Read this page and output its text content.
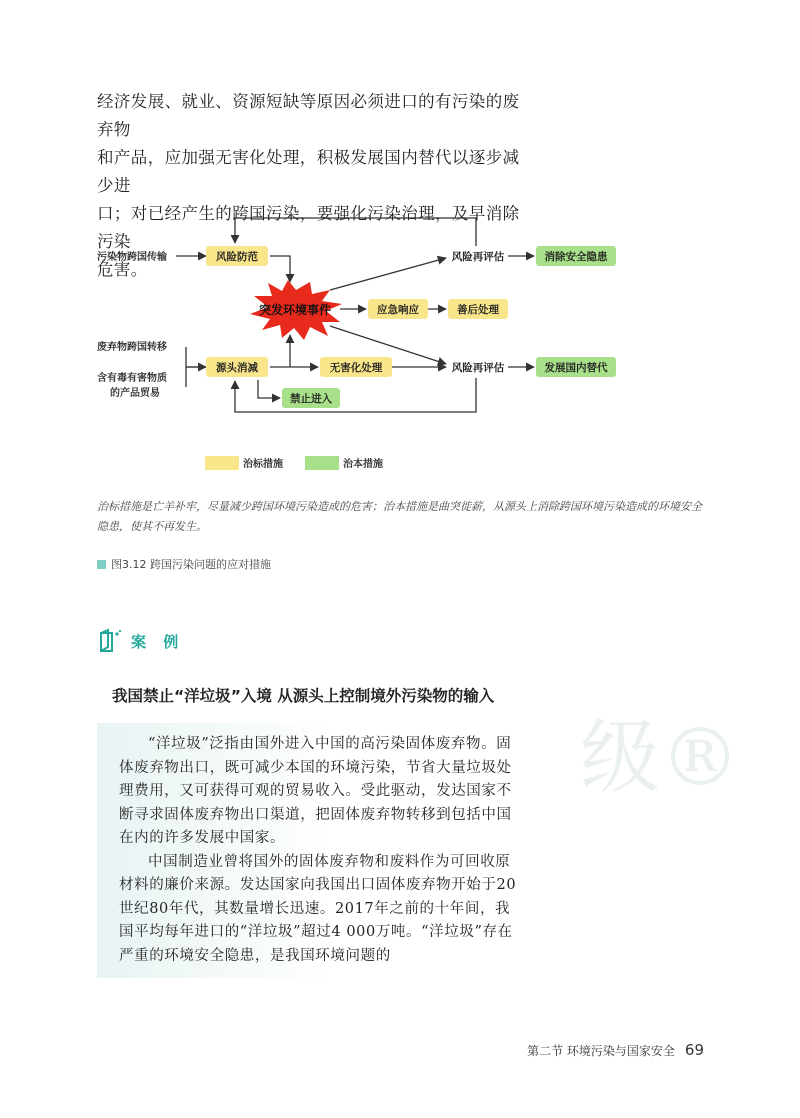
经济发展、就业、资源短缺等原因必须进口的有污染的废弃物

和产品，应加强无害化处理，积极发展国内替代以逐步减少进

口；对已经产生的跨国污染，要强化污染治理，及早消除污染

危害。

污染物跨国传输
废弃物跨国转移
含有毒有害物质
的产品贸易
突发环境事件
风险防范
应急响应	善后处理
源头消减	无害化处理
风险再评估
风险再评估
消除安全隐患
发展国内替代
禁止进入
治标措施	治本措施
治标措施是亡羊补牢，尽量减少跨国环境污染造成的危害；治本措施是曲突徙薪，从源头上消除跨国环境污染造成的环境安全隐患，使其不再发生。
图3.12 跨国污染问题的应对措施
案 例
我国禁止“洋垃圾”入境 从源头上控制境外污染物的输入

“洋垃圾”泛指由国外进入中国的高污染固体废弃物。固体废弃物出口，既可减少本国的环境污染，节省大量垃圾处理费用，又可获得可观的贸易收入。受此驱动，发达国家不断寻求固体废弃物出口渠道，把固体废弃物转移到包括中国在内的许多发展中国家。

中国制造业曾将国外的固体废弃物和废料作为可回收原材料的廉价来源。发达国家向我国出口固体废弃物开始于20世纪80年代，其数量增长迅速。2017年之前的十年间，我国平均每年进口的“洋垃圾”超过4 000万吨。“洋垃圾”存在严重的环境安全隐患，是我国环境问题的

级®
第二节 环境污染与国家安全 69
